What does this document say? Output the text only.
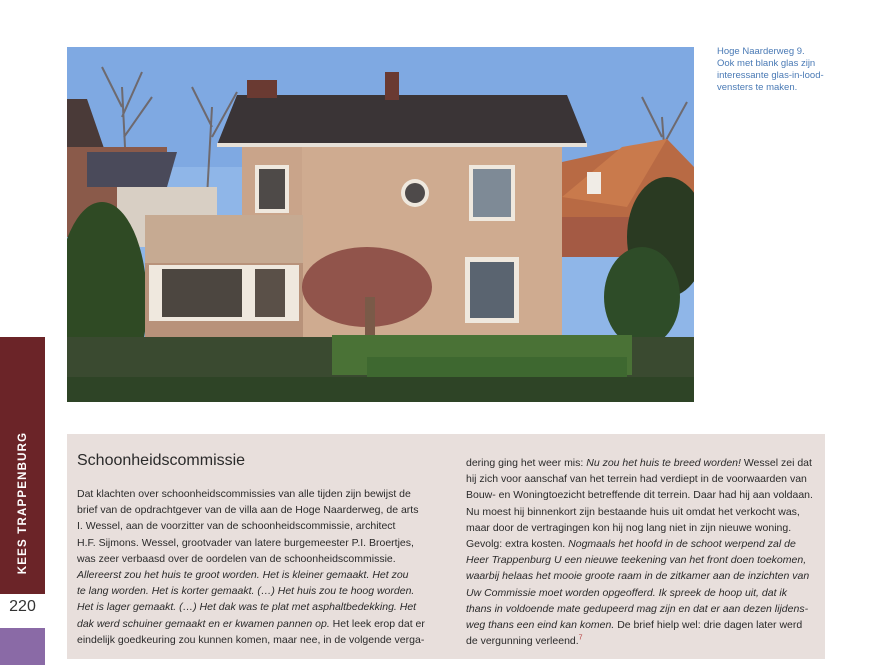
Hoge Naarderweg 9.
Ook met blank glas zijn
interessante glas-in-lood-
vensters te maken.
KEES TRAPPENBURG
220
Schoonheidscommissie
Dat klachten over schoonheidscommissies van alle tijden zijn bewijst de
brief van de opdrachtgever van de villa aan de Hoge Naarderweg, de arts
I. Wessel, aan de voorzitter van de schoonheidscommissie, architect
H.F. Sijmons. Wessel, grootvader van latere burgemeester P.I. Broertjes,
was zeer verbaasd over de oordelen van de schoonheidscommissie.
Allereerst zou het huis te groot worden. Het is kleiner gemaakt. Het zou
te lang worden. Het is korter gemaakt. (…) Het huis zou te hoog worden.
Het is lager gemaakt. (…) Het dak was te plat met asphaltbedekking. Het
dak werd schuiner gemaakt en er kwamen pannen op. Het leek erop dat er
eindelijk goedkeuring zou kunnen komen, maar nee, in de volgende verga-
dering ging het weer mis: Nu zou het huis te breed worden! Wessel zei dat
hij zich voor aanschaf van het terrein had verdiept in de voorwaarden van
Bouw- en Woningtoezicht betreffende dit terrein. Daar had hij aan voldaan.
Nu moest hij binnenkort zijn bestaande huis uit omdat het verkocht was,
maar door de vertragingen kon hij nog lang niet in zijn nieuwe woning.
Gevolg: extra kosten. Nogmaals het hoofd in de schoot werpend zal de
Heer Trappenburg U een nieuwe teekening van het front doen toekomen,
waarbij helaas het mooie groote raam in de zitkamer aan de inzichten van
Uw Commissie moet worden opgeofferd. Ik spreek de hoop uit, dat ik
thans in voldoende mate gedupeerd mag zijn en dat er aan dezen lijdens-
weg thans een eind kan komen. De brief hielp wel: drie dagen later werd
de vergunning verleend.$^7$
